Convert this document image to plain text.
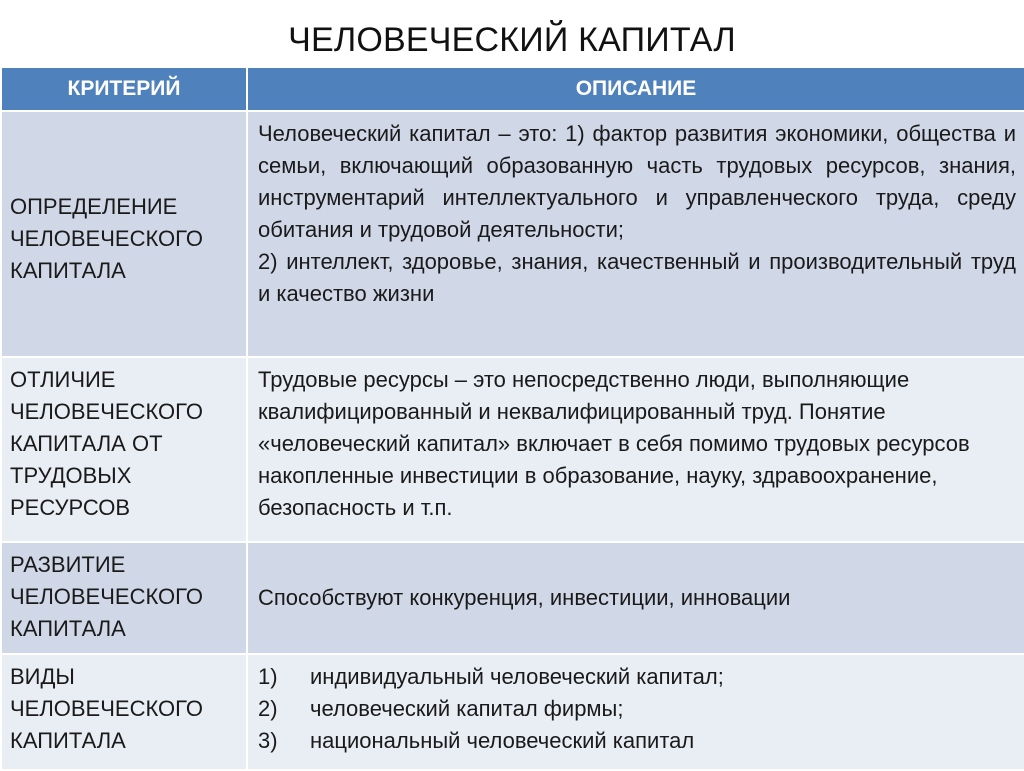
ЧЕЛОВЕЧЕСКИЙ КАПИТАЛ
КРИТЕРИЙ	ОПИСАНИЕ

ОПРЕДЕЛЕНИЕ ЧЕЛОВЕЧЕСКОГО КАПИТАЛА	Человеческий капитал – это: 1) фактор развития экономики, общества и семьи, включающий образованную часть трудовых ресурсов, знания, инструментарий интеллектуального и управленческого труда, среду обитания и трудовой деятельности;
2) интеллект, здоровье, знания, качественный и производительный труд и качество жизни

ОТЛИЧИЕ ЧЕЛОВЕЧЕСКОГО КАПИТАЛА ОТ ТРУДОВЫХ РЕСУРСОВ	Трудовые ресурсы – это непосредственно люди, выполняющие квалифицированный и неквалифицированный труд. Понятие «человеческий капитал» включает в себя помимо трудовых ресурсов накопленные инвестиции в образование, науку, здравоохранение, безопасность и т.п.

РАЗВИТИЕ ЧЕЛОВЕЧЕСКОГО КАПИТАЛА	Способствуют конкуренция, инвестиции, инновации

ВИДЫ ЧЕЛОВЕЧЕСКОГО КАПИТАЛА	1) индивидуальный человеческий капитал;
2) человеческий капитал фирмы;
3) национальный человеческий капитал
